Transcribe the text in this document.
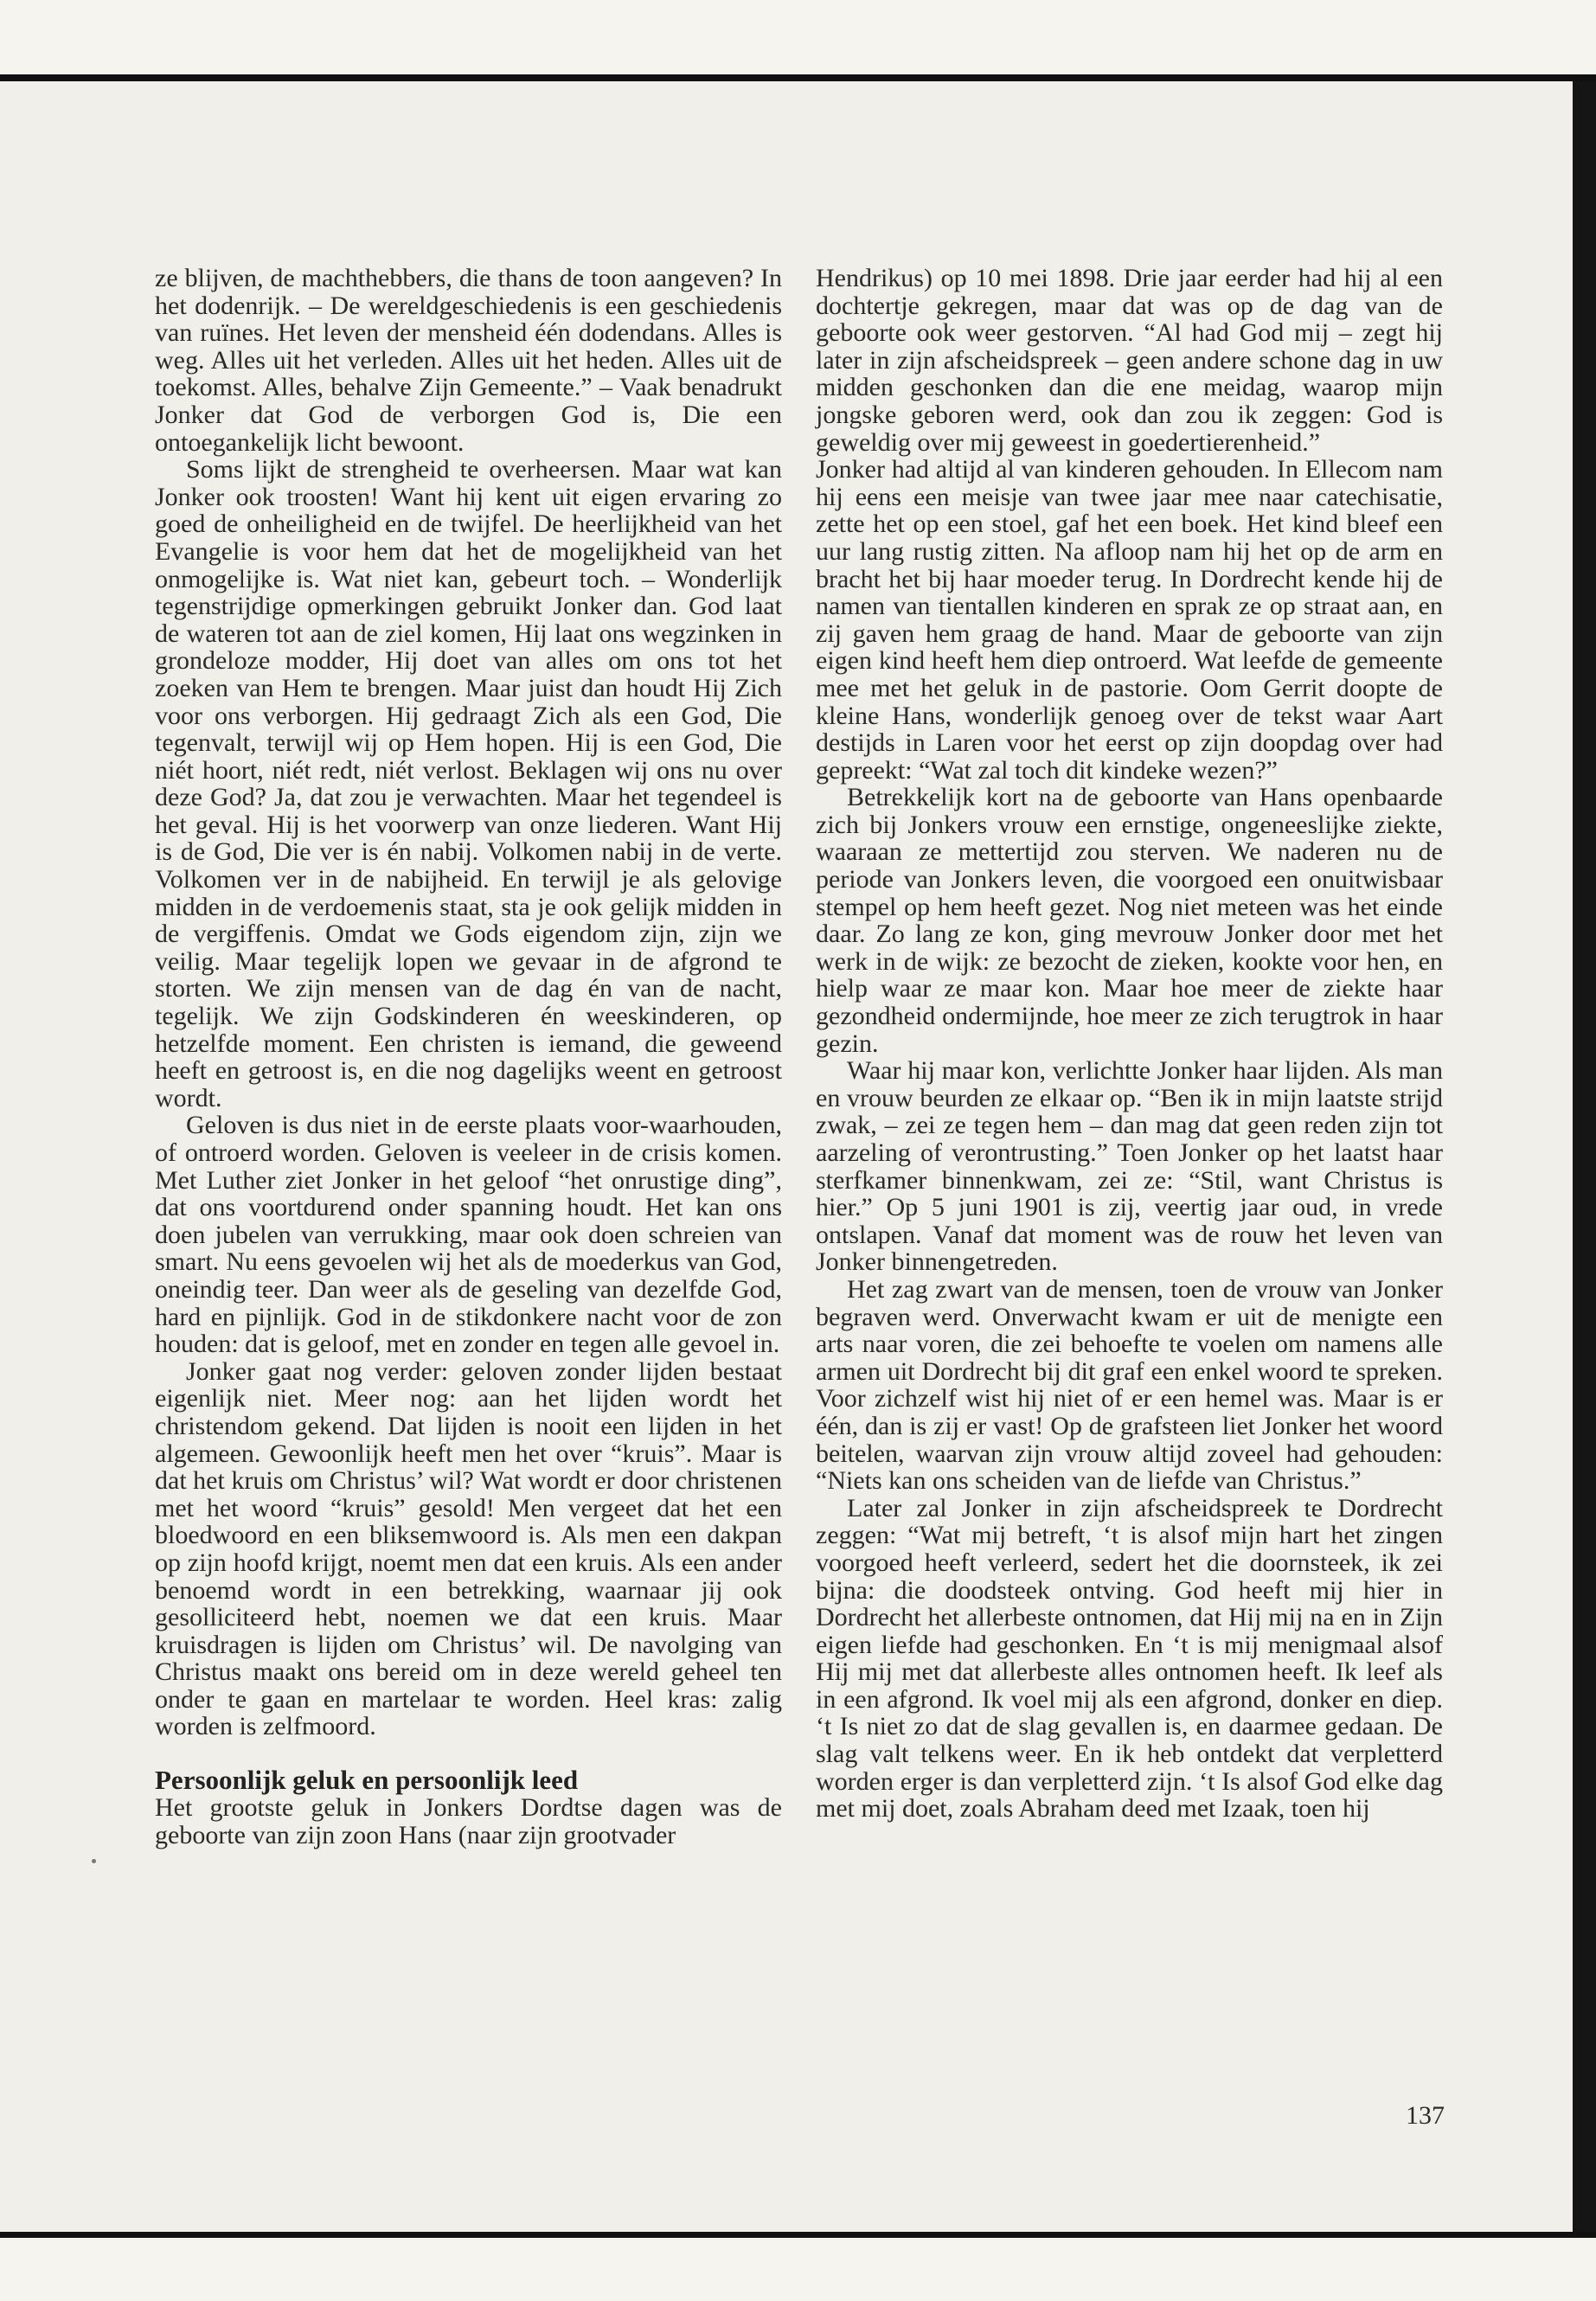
ze blijven, de machthebbers, die thans de toon aangeven? In het dodenrijk. – De wereldgeschiedenis is een geschiedenis van ruïnes. Het leven der mensheid één dodendans. Alles is weg. Alles uit het verleden. Alles uit het heden. Alles uit de toekomst. Alles, behalve Zijn Gemeente.” – Vaak benadrukt Jonker dat God de verborgen God is, Die een ontoegankelijk licht bewoont.

Soms lijkt de strengheid te overheersen. Maar wat kan Jonker ook troosten! Want hij kent uit eigen ervaring zo goed de onheiligheid en de twijfel. De heerlijkheid van het Evangelie is voor hem dat het de mogelijkheid van het onmogelijke is. Wat niet kan, gebeurt toch. – Wonderlijk tegenstrijdige opmerkingen gebruikt Jonker dan. God laat de wateren tot aan de ziel komen, Hij laat ons wegzinken in grondeloze modder, Hij doet van alles om ons tot het zoeken van Hem te brengen. Maar juist dan houdt Hij Zich voor ons verborgen. Hij gedraagt Zich als een God, Die tegenvalt, terwijl wij op Hem hopen. Hij is een God, Die niét hoort, niét redt, niét verlost. Beklagen wij ons nu over deze God? Ja, dat zou je verwachten. Maar het tegendeel is het geval. Hij is het voorwerp van onze liederen. Want Hij is de God, Die ver is én nabij. Volkomen nabij in de verte. Volkomen ver in de nabijheid. En terwijl je als gelovige midden in de verdoemenis staat, sta je ook gelijk midden in de vergiffenis. Omdat we Gods eigendom zijn, zijn we veilig. Maar tegelijk lopen we gevaar in de afgrond te storten. We zijn mensen van de dag én van de nacht, tegelijk. We zijn Godskinderen én weeskinderen, op hetzelfde moment. Een christen is iemand, die geweend heeft en getroost is, en die nog dagelijks weent en getroost wordt.

Geloven is dus niet in de eerste plaats voor-waarhouden, of ontroerd worden. Geloven is veeleer in de crisis komen. Met Luther ziet Jonker in het geloof “het onrustige ding”, dat ons voortdurend onder spanning houdt. Het kan ons doen jubelen van verrukking, maar ook doen schreien van smart. Nu eens gevoelen wij het als de moederkus van God, oneindig teer. Dan weer als de geseling van dezelfde God, hard en pijnlijk. God in de stikdonkere nacht voor de zon houden: dat is geloof, met en zonder en tegen alle gevoel in.

Jonker gaat nog verder: geloven zonder lijden bestaat eigenlijk niet. Meer nog: aan het lijden wordt het christendom gekend. Dat lijden is nooit een lijden in het algemeen. Gewoonlijk heeft men het over “kruis”. Maar is dat het kruis om Christus’ wil? Wat wordt er door christenen met het woord “kruis” gesold! Men vergeet dat het een bloedwoord en een bliksemwoord is. Als men een dakpan op zijn hoofd krijgt, noemt men dat een kruis. Als een ander benoemd wordt in een betrekking, waarnaar jij ook gesolliciteerd hebt, noemen we dat een kruis. Maar kruisdragen is lijden om Christus’ wil. De navolging van Christus maakt ons bereid om in deze wereld geheel ten onder te gaan en martelaar te worden. Heel kras: zalig worden is zelfmoord.

Persoonlijk geluk en persoonlijk leed

Het grootste geluk in Jonkers Dordtse dagen was de geboorte van zijn zoon Hans (naar zijn grootvader

Hendrikus) op 10 mei 1898. Drie jaar eerder had hij al een dochtertje gekregen, maar dat was op de dag van de geboorte ook weer gestorven. “Al had God mij – zegt hij later in zijn afscheidspreek – geen andere schone dag in uw midden geschonken dan die ene meidag, waarop mijn jongske geboren werd, ook dan zou ik zeggen: God is geweldig over mij geweest in goedertierenheid.”

Jonker had altijd al van kinderen gehouden. In Ellecom nam hij eens een meisje van twee jaar mee naar catechisatie, zette het op een stoel, gaf het een boek. Het kind bleef een uur lang rustig zitten. Na afloop nam hij het op de arm en bracht het bij haar moeder terug. In Dordrecht kende hij de namen van tientallen kinderen en sprak ze op straat aan, en zij gaven hem graag de hand. Maar de geboorte van zijn eigen kind heeft hem diep ontroerd. Wat leefde de gemeente mee met het geluk in de pastorie. Oom Gerrit doopte de kleine Hans, wonderlijk genoeg over de tekst waar Aart destijds in Laren voor het eerst op zijn doopdag over had gepreekt: “Wat zal toch dit kindeke wezen?”

Betrekkelijk kort na de geboorte van Hans openbaarde zich bij Jonkers vrouw een ernstige, ongeneeslijke ziekte, waaraan ze mettertijd zou sterven. We naderen nu de periode van Jonkers leven, die voorgoed een onuitwisbaar stempel op hem heeft gezet. Nog niet meteen was het einde daar. Zo lang ze kon, ging mevrouw Jonker door met het werk in de wijk: ze bezocht de zieken, kookte voor hen, en hielp waar ze maar kon. Maar hoe meer de ziekte haar gezondheid ondermijnde, hoe meer ze zich terugtrok in haar gezin.

Waar hij maar kon, verlichtte Jonker haar lijden. Als man en vrouw beurden ze elkaar op. “Ben ik in mijn laatste strijd zwak, – zei ze tegen hem – dan mag dat geen reden zijn tot aarzeling of verontrusting.” Toen Jonker op het laatst haar sterfkamer binnenkwam, zei ze: “Stil, want Christus is hier.” Op 5 juni 1901 is zij, veertig jaar oud, in vrede ontslapen. Vanaf dat moment was de rouw het leven van Jonker binnengetreden.

Het zag zwart van de mensen, toen de vrouw van Jonker begraven werd. Onverwacht kwam er uit de menigte een arts naar voren, die zei behoefte te voelen om namens alle armen uit Dordrecht bij dit graf een enkel woord te spreken. Voor zichzelf wist hij niet of er een hemel was. Maar is er één, dan is zij er vast! Op de grafsteen liet Jonker het woord beitelen, waarvan zijn vrouw altijd zoveel had gehouden: “Niets kan ons scheiden van de liefde van Christus.”

Later zal Jonker in zijn afscheidspreek te Dordrecht zeggen: “Wat mij betreft, ‘t is alsof mijn hart het zingen voorgoed heeft verleerd, sedert het die doornsteek, ik zei bijna: die doodsteek ontving. God heeft mij hier in Dordrecht het allerbeste ontnomen, dat Hij mij na en in Zijn eigen liefde had geschonken. En ‘t is mij menigmaal alsof Hij mij met dat allerbeste alles ontnomen heeft. Ik leef als in een afgrond. Ik voel mij als een afgrond, donker en diep. ‘t Is niet zo dat de slag gevallen is, en daarmee gedaan. De slag valt telkens weer. En ik heb ontdekt dat verpletterd worden erger is dan verpletterd zijn. ‘t Is alsof God elke dag met mij doet, zoals Abraham deed met Izaak, toen hij

137
